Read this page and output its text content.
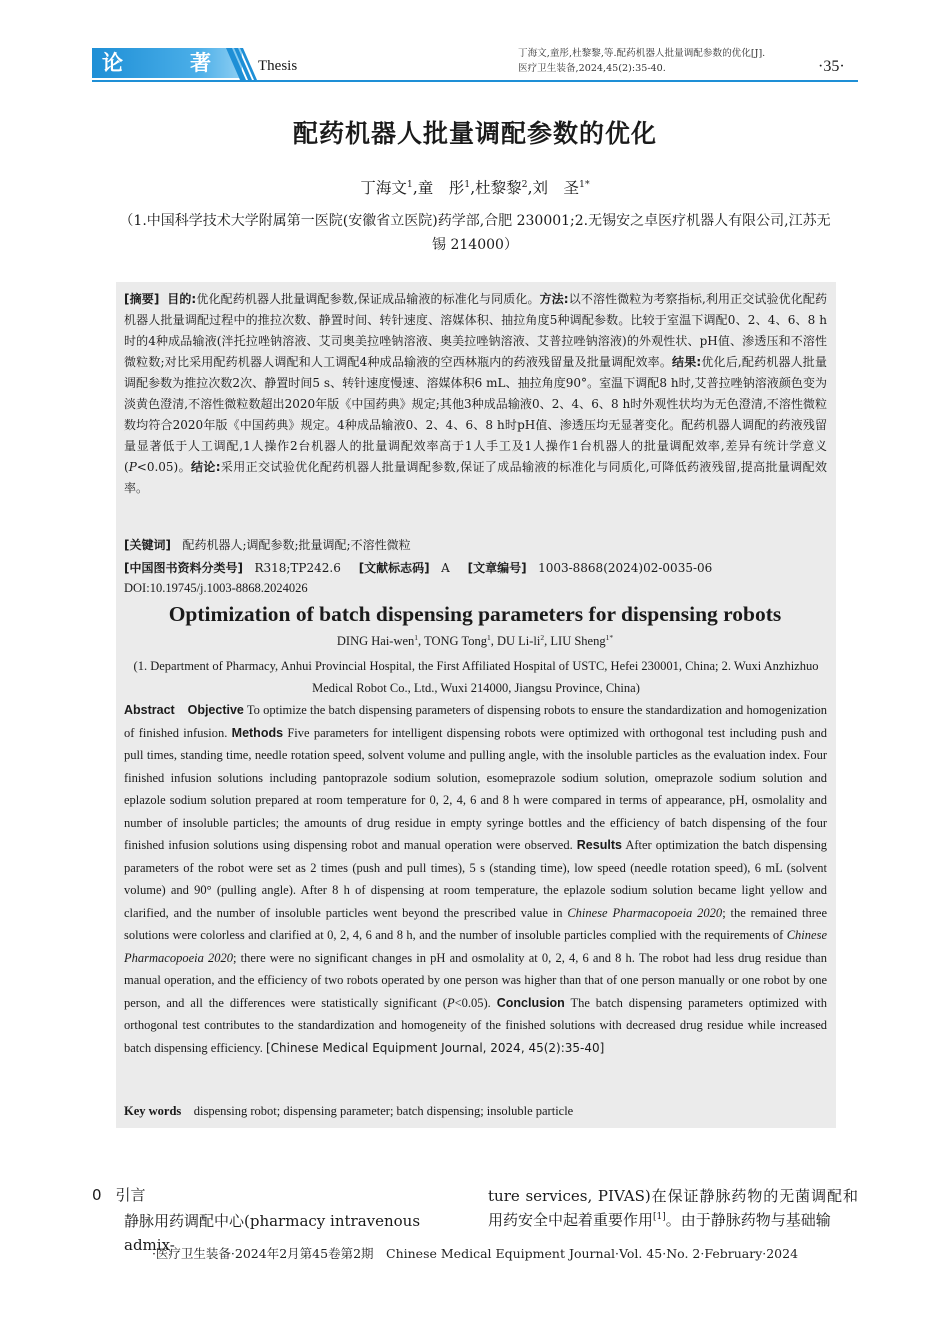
论	著	Thesis
丁海文,童彤,杜黎黎,等.配药机器人批量调配参数的优化[J].
医疗卫生装备,2024,45(2):35-40.	·35·
配药机器人批量调配参数的优化
丁海文$^1$,童　彤$^1$,杜黎黎$^2$,刘　圣$^{1*}$
（1.中国科学技术大学附属第一医院(安徽省立医院)药学部,合肥 230001;2.无锡安之卓医疗机器人有限公司,江苏无锡 214000）
[摘要] 目的:优化配药机器人批量调配参数,保证成品输液的标准化与同质化。方法:以不溶性微粒为考察指标,利用正交试验优化配药机器人批量调配过程中的推拉次数、静置时间、转针速度、溶媒体积、抽拉角度5种调配参数。比较于室温下调配0、2、4、6、8 h时的4种成品输液(泮托拉唑钠溶液、艾司奥美拉唑钠溶液、奥美拉唑钠溶液、艾普拉唑钠溶液)的外观性状、pH值、渗透压和不溶性微粒数;对比采用配药机器人调配和人工调配4种成品输液的空西林瓶内的药液残留量及批量调配效率。结果:优化后,配药机器人批量调配参数为推拉次数2次、静置时间5 s、转针速度慢速、溶媒体积6 mL、抽拉角度90°。室温下调配8 h时,艾普拉唑钠溶液颜色变为淡黄色澄清,不溶性微粒数超出2020年版《中国药典》规定;其他3种成品输液0、2、4、6、8 h时外观性状均为无色澄清,不溶性微粒数均符合2020年版《中国药典》规定。4种成品输液0、2、4、6、8 h时pH值、渗透压均无显著变化。配药机器人调配的药液残留量显著低于人工调配,1人操作2台机器人的批量调配效率高于1人手工及1人操作1台机器人的批量调配效率,差异有统计学意义(P<0.05)。结论:采用正交试验优化配药机器人批量调配参数,保证了成品输液的标准化与同质化,可降低药液残留,提高批量调配效率。
[关键词] 配药机器人;调配参数;批量调配;不溶性微粒
[中国图书资料分类号] R318;TP242.6 [文献标志码] A [文章编号] 1003-8868(2024)02-0035-06
DOI:10.19745/j.1003-8868.2024026
Optimization of batch dispensing parameters for dispensing robots
DING Hai-wen$^1$, TONG Tong$^1$, DU $Li-li^2$, LIU Sheng$^{1*}$
(1. Department of Pharmacy, Anhui Provincial Hospital, the First Affiliated Hospital of USTC, Hefei 230001, China; 2. Wuxi Anzhizhuo Medical Robot Co., Ltd., Wuxi 214000, Jiangsu Province, China)
Abstract Objective To optimize the batch dispensing parameters of dispensing robots to ensure the standardization and homogenization of finished infusion. Methods Five parameters for intelligent dispensing robots were optimized with orthogonal test including push and pull times, standing time, needle rotation speed, solvent volume and pulling angle, with the insoluble particles as the evaluation index. Four finished infusion solutions including pantoprazole sodium solution, esomeprazole sodium solution, omeprazole sodium solution and eplazole sodium solution prepared at room temperature for 0, 2, 4, 6 and 8 h were compared in terms of appearance, pH, osmolality and number of insoluble particles; the amounts of drug residue in empty syringe bottles and the efficiency of batch dispensing of the four finished infusion solutions using dispensing robot and manual operation were observed. Results After optimization the batch dispensing parameters of the robot were set as 2 times (push and pull times), 5 s (standing time), low speed (needle rotation speed), 6 mL (solvent volume) and 90° (pulling angle). After 8 h of dispensing at room temperature, the eplazole sodium solution became light yellow and clarified, and the number of insoluble particles went beyond the prescribed value in Chinese Pharmacopoeia 2020; the remained three solutions were colorless and clarified at 0, 2, 4, 6 and 8 h, and the number of insoluble particles complied with the requirements of Chinese Pharmacopoeia 2020; there were no significant changes in pH and osmolality at 0, 2, 4, 6 and 8 h. The robot had less drug residue than manual operation, and the efficiency of two robots operated by one person was higher than that of one person manually or one robot by one person, and all the differences were statistically significant (P<0.05). Conclusion The batch dispensing parameters optimized with orthogonal test contributes to the standardization and homogeneity of the finished solutions with decreased drug residue while increased batch dispensing efficiency. [Chinese Medical Equipment Journal, 2024, 45(2):35-40]
Key words dispensing robot; dispensing parameter; batch dispensing; insoluble particle
0 引言
静脉用药调配中心(pharmacy intravenous admix-
ture services, PIVAS)在保证静脉药物的无菌调配和用药安全中起着重要作用[1]。由于静脉药物与基础输
·医疗卫生装备·2024年2月第45卷第2期　Chinese Medical Equipment Journal·Vol. 45·No. 2·February·2024
